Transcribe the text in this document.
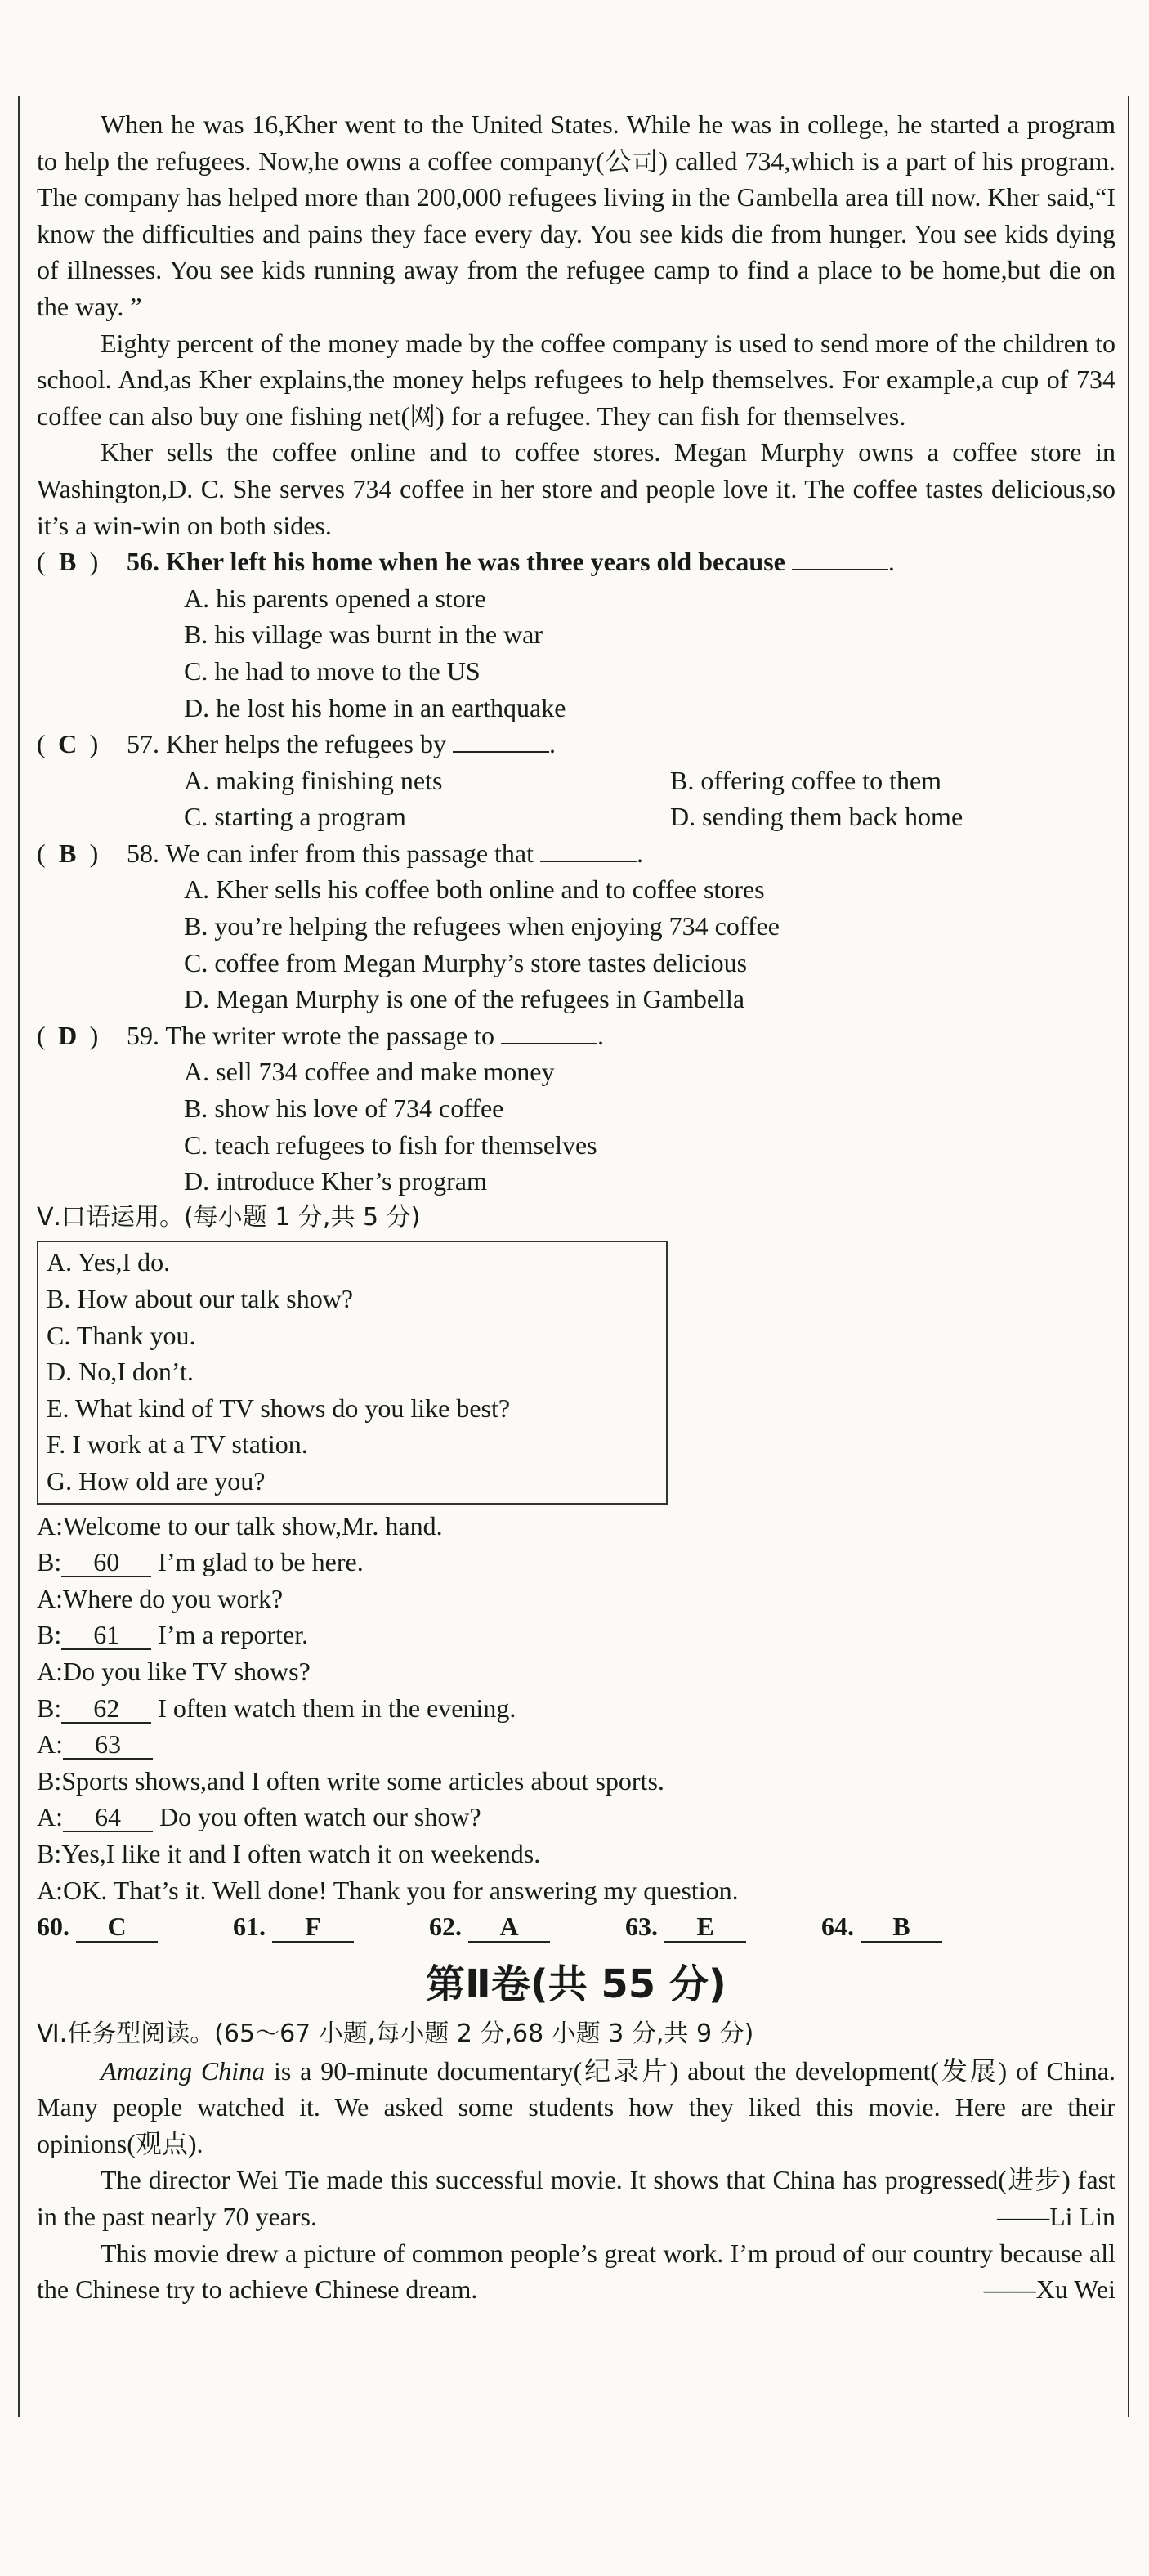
When he was 16,Kher went to the United States. While he was in college, he started a program to help the refugees. Now,he owns a coffee company(公司) called 734,which is a part of his program. The company has helped more than 200,000 refugees living in the Gambella area till now. Kher said,“I know the difficulties and pains they face every day. You see kids die from hunger. You see kids dying of illnesses. You see kids running away from the refugee camp to find a place to be home,but die on the way. ”

Eighty percent of the money made by the coffee company is used to send more of the children to school. And,as Kher explains,the money helps refugees to help themselves. For example,a cup of 734 coffee can also buy one fishing net(网) for a refugee. They can fish for themselves.

Kher sells the coffee online and to coffee stores. Megan Murphy owns a coffee store in Washington,D. C. She serves 734 coffee in her store and people love it. The coffee tastes delicious,so it’s a win-win on both sides.

( B ) 56. Kher left his home when he was three years old because	.
A. his parents opened a store
B. his village was burnt in the war
C. he had to move to the US
D. he lost his home in an earthquake
( C ) 57. Kher helps the refugees by	.
A. making finishing nets	B. offering coffee to them
C. starting a program	D. sending them back home
( B ) 58. We can infer from this passage that	.
A. Kher sells his coffee both online and to coffee stores
B. you’re helping the refugees when enjoying 734 coffee
C. coffee from Megan Murphy’s store tastes delicious
D. Megan Murphy is one of the refugees in Gambella
( D ) 59. The writer wrote the passage to	.
A. sell 734 coffee and make money
B. show his love of 734 coffee
C. teach refugees to fish for themselves
D. introduce Kher’s program
Ⅴ.口语运用。(每小题 1 分,共 5 分)
A. Yes,I do.
B. How about our talk show?
C. Thank you.
D. No,I don’t.
E. What kind of TV shows do you like best?
F. I work at a TV station.
G. How old are you?
A:Welcome to our talk show,Mr. hand.
B: 60 I’m glad to be here.
A:Where do you work?
B: 61 I’m a reporter.
A:Do you like TV shows?
B: 62 I often watch them in the evening.
A: 63
B:Sports shows,and I often write some articles about sports.
A: 64 Do you often watch our show?
B:Yes,I like it and I often watch it on weekends.
A:OK. That’s it. Well done! Thank you for answering my question.
60. C	61. F	62. A	63. E	64. B
第Ⅱ卷(共 55 分)
Ⅵ.任务型阅读。(65～67 小题,每小题 2 分,68 小题 3 分,共 9 分)

Amazing China is a 90-minute documentary(纪录片) about the development(发展) of China. Many people watched it. We asked some students how they liked this movie. Here are their opinions(观点).

The director Wei Tie made this successful movie. It shows that China has progressed(进步) fast in the past nearly 70 years.	——Li Lin

This movie drew a picture of common people’s great work. I’m proud of our country because all the Chinese try to achieve Chinese dream.	——Xu Wei
